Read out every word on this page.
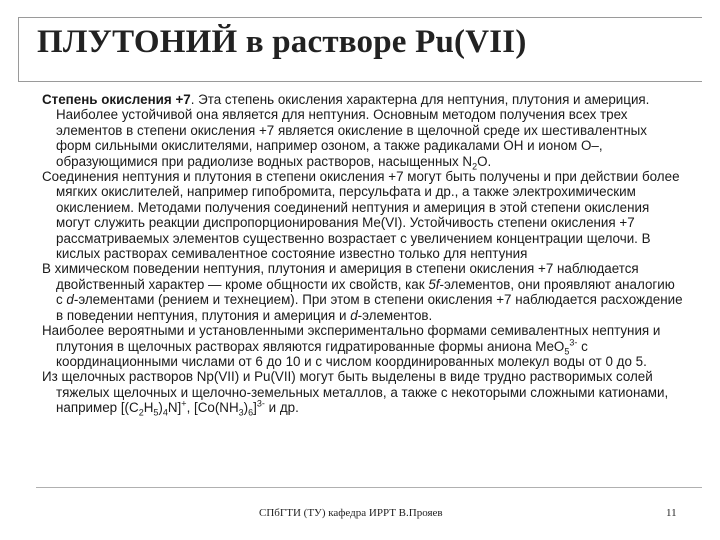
ПЛУТОНИЙ в растворе Pu(VII)

Степень окисления +7. Эта степень окисления характерна для нептуния, плутония и америция. Наиболее устойчивой она является для нептуния. Основным методом получения всех трех элементов в степени окисления +7 является окисление в щелочной среде их шестивалентных форм сильными окислителями, например озоном, а также радикалами OH и ионом O–, образующимися при радиолизе водных растворов, насыщенных $N_2O$.

Соединения нептуния и плутония в степени окисления +7 могут быть получены и при действии более мягких окислителей, например гипобромита, персульфата и др., а также электрохимическим окислением. Методами получения соединений нептуния и америция в этой степени окисления могут служить реакции диспропорционирования Me(VI). Устойчивость степени окисления +7 рассматриваемых элементов существенно возрастает с увеличением концентрации щелочи. В кислых растворах семивалентное состояние известно только для нептуния

В химическом поведении нептуния, плутония и америция в степени окисления +7 наблюдается двойственный характер — кроме общности их свойств, как 5f-элементов, они проявляют аналогию с d-элементами (рением и технецием). При этом в степени окисления +7 наблюдается расхождение в поведении нептуния, плутония и америция и d-элементов.

Наиболее вероятными и установленными экспериментально формами семивалентных нептуния и плутония в щелочных растворах являются гидратированные формы аниона MeO$_5^{3-}$ с координационными числами от 6 до 10 и с числом координированных молекул воды от 0 до 5.

Из щелочных растворов Np(VII) и Pu(VII) могут быть выделены в виде трудно растворимых солей тяжелых щелочных и щелочно-земельных металлов, а также с некоторыми сложными катионами, например $[(C_2H_5)_4N]^+$, $[Co(NH_3)_6]^{3-}$ и др.

СПбГТИ (ТУ) кафедра ИРРТ В.Прояев	11
